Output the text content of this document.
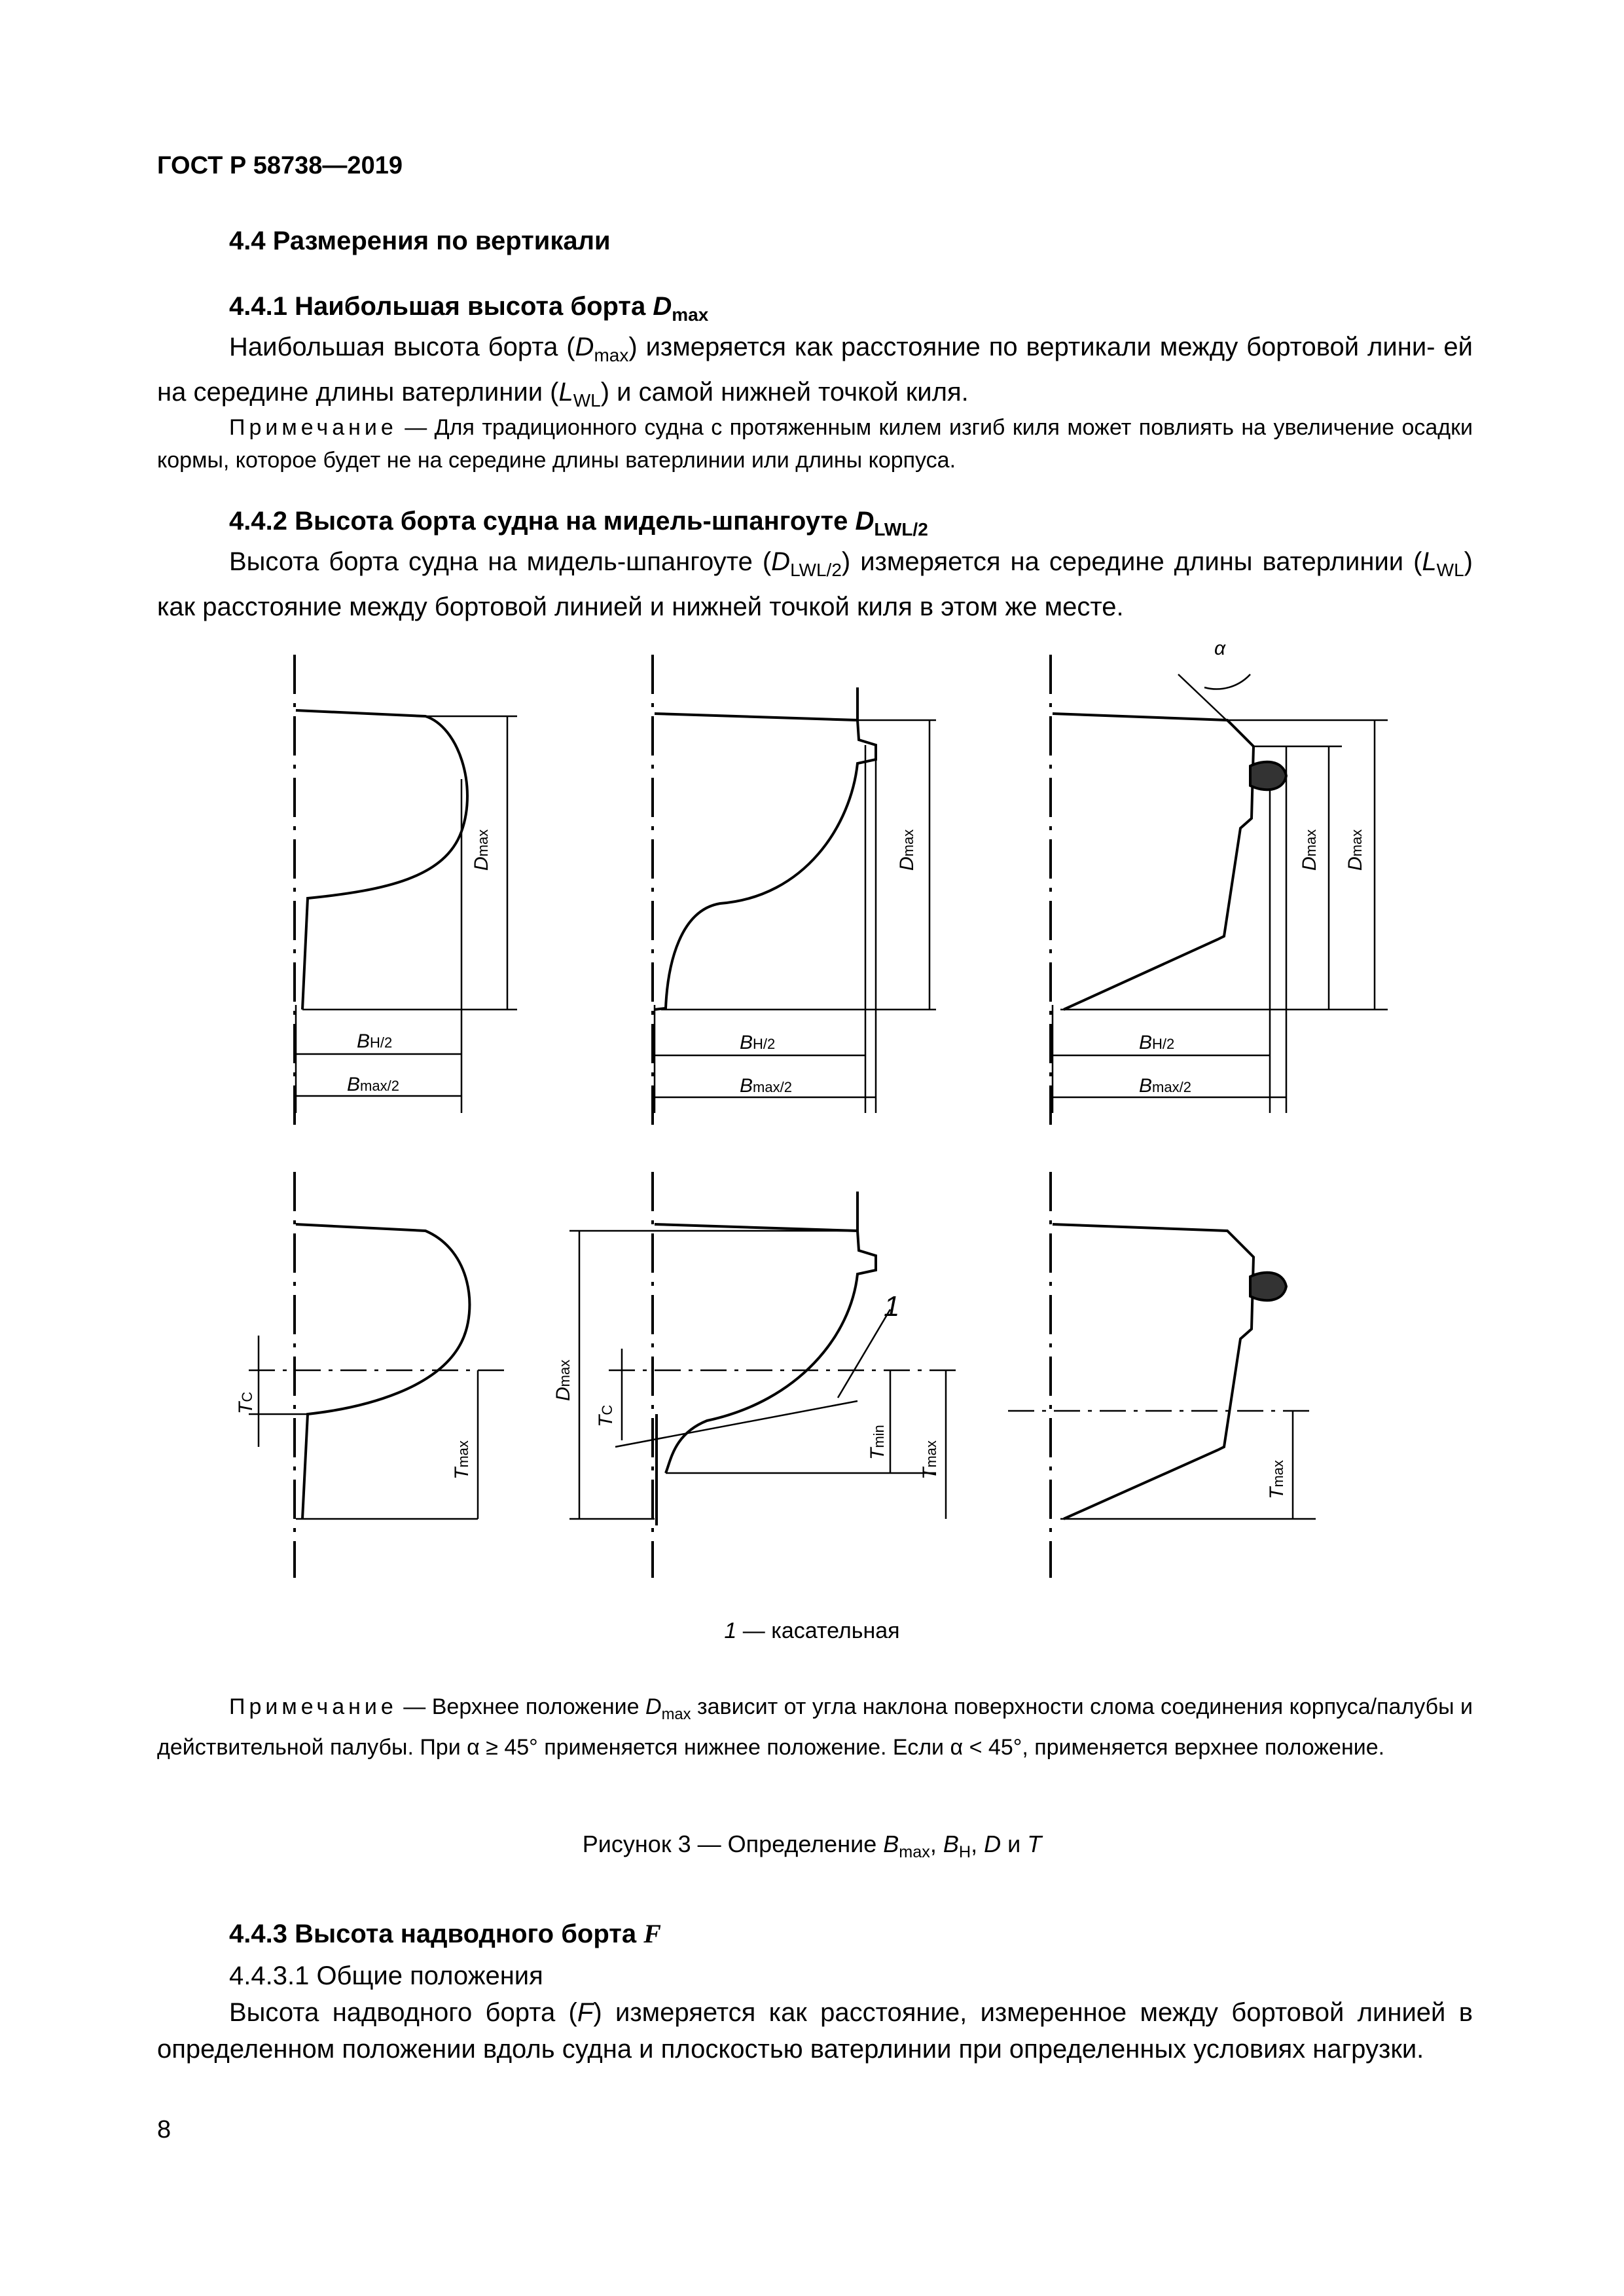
ГОСТ Р 58738—2019
4.4 Размерения по вертикали
4.4.1 Наибольшая высота борта $D_{max}$
Наибольшая высота борта $(D_{max})$ измеряется как расстояние по вертикали между бортовой лини- ей на середине длины ватерлинии $(L_{WL})$ и самой нижней точкой киля.
Примечание — Для традиционного судна с протяженным килем изгиб киля может повлиять на увеличение осадки кормы, которое будет не на середине длины ватерлинии или длины корпуса.
4.4.2 Высота борта судна на мидель-шпангоуте $D_{LWL/2}$
Высота борта судна на мидель-шпангоуте $(D_{LWL/2})$ измеряется на середине длины ватерлинии $(L_{WL})$ как расстояние между бортовой линией и нижней точкой киля в этом же месте.
Dmax
Dmax
Dmax
Dmax
BH/2
Bmax/2
BH/2
Bmax/2
BH/2
Bmax/2
α
TC
Tmax
Dmax
TC
Tmin
Tmax
Tmax
1
1 — касательная
Примечание — Верхнее положение $D_{max}$ зависит от угла наклона поверхности слома соединения корпуса/палубы и действительной палубы. При α ≥ 45° применяется нижнее положение. Если α < 45°, применяется верхнее положение.
Рисунок 3 — Определение $B_{max}$, $B_H$, D и T
4.4.3 Высота надводного борта F
4.4.3.1 Общие положения
Высота надводного борта (F) измеряется как расстояние, измеренное между бортовой линией в определенном положении вдоль судна и плоскостью ватерлинии при определенных условиях нагрузки.
8
